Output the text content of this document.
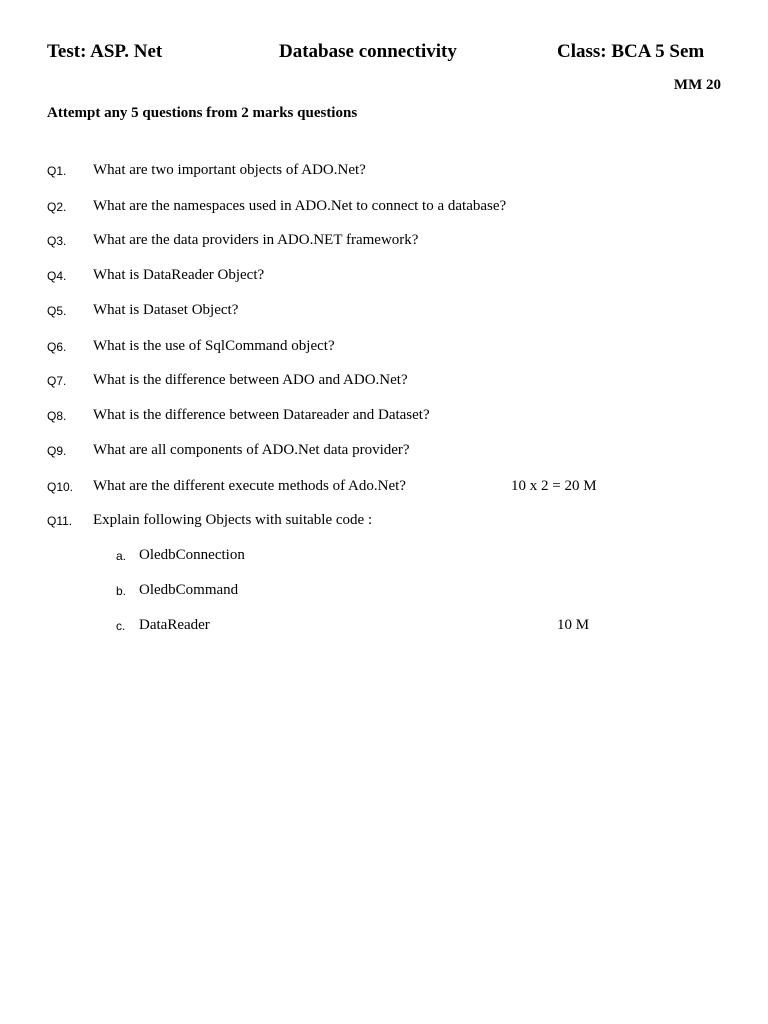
Test: ASP. Net	Database connectivity	Class: BCA 5 Sem
MM 20
Attempt any 5 questions from 2 marks questions
Q1. What are two important objects of ADO.Net?
Q2. What are the namespaces used in ADO.Net to connect to a database?
Q3. What are the data providers in ADO.NET framework?
Q4. What is DataReader Object?
Q5. What is Dataset Object?
Q6. What is the use of SqlCommand object?
Q7. What is the difference between ADO and ADO.Net?
Q8. What is the difference between Datareader and Dataset?
Q9. What are all components of ADO.Net data provider?
Q10. What are the different execute methods of Ado.Net?	10 x 2 = 20 M
Q11. Explain following Objects with suitable code :
a. OledbConnection
b. OledbCommand
c. DataReader	10 M
